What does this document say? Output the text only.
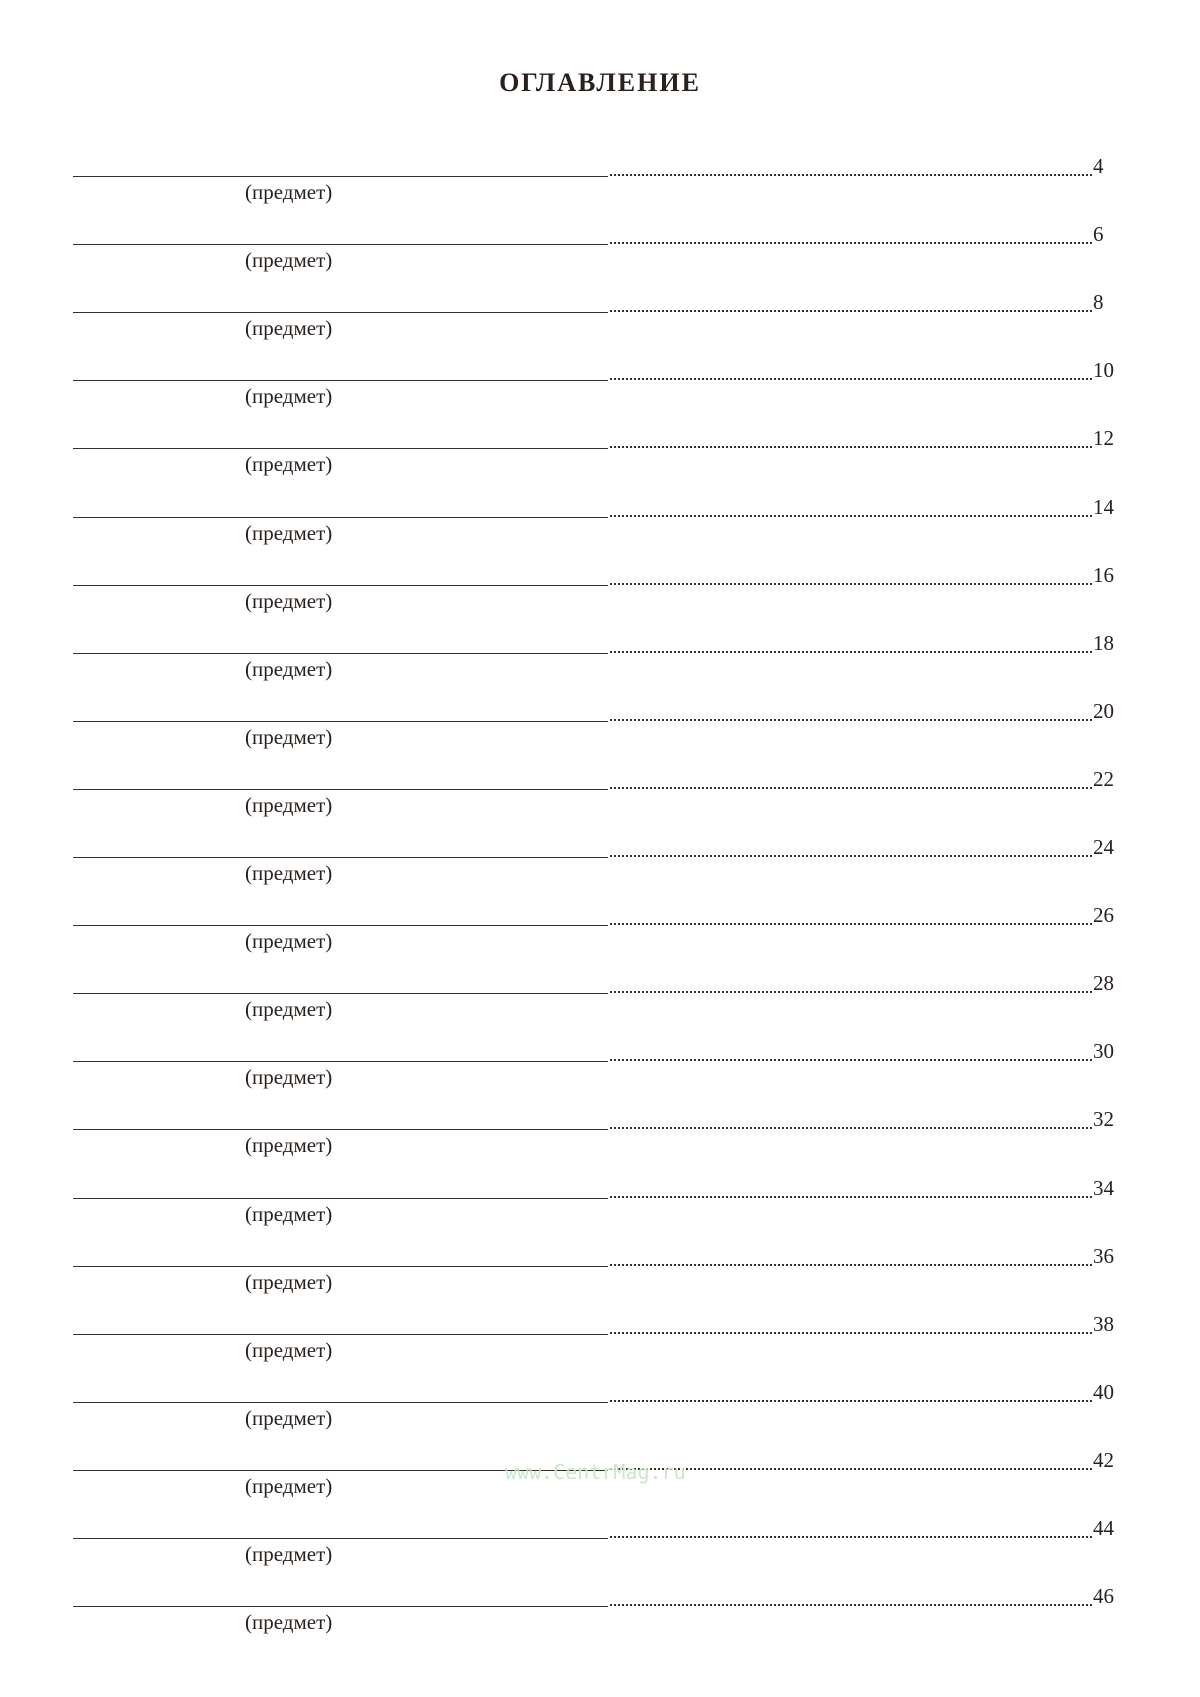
ОГЛАВЛЕНИЕ
(предмет)
4
(предмет)
6
(предмет)
8
(предмет)
10
(предмет)
12
(предмет)
14
(предмет)
16
(предмет)
18
(предмет)
20
(предмет)
22
(предмет)
24
(предмет)
26
(предмет)
28
(предмет)
30
(предмет)
32
(предмет)
34
(предмет)
36
(предмет)
38
(предмет)
40
(предмет)
42
(предмет)
44
(предмет)
46
www.CentrMag.ru
